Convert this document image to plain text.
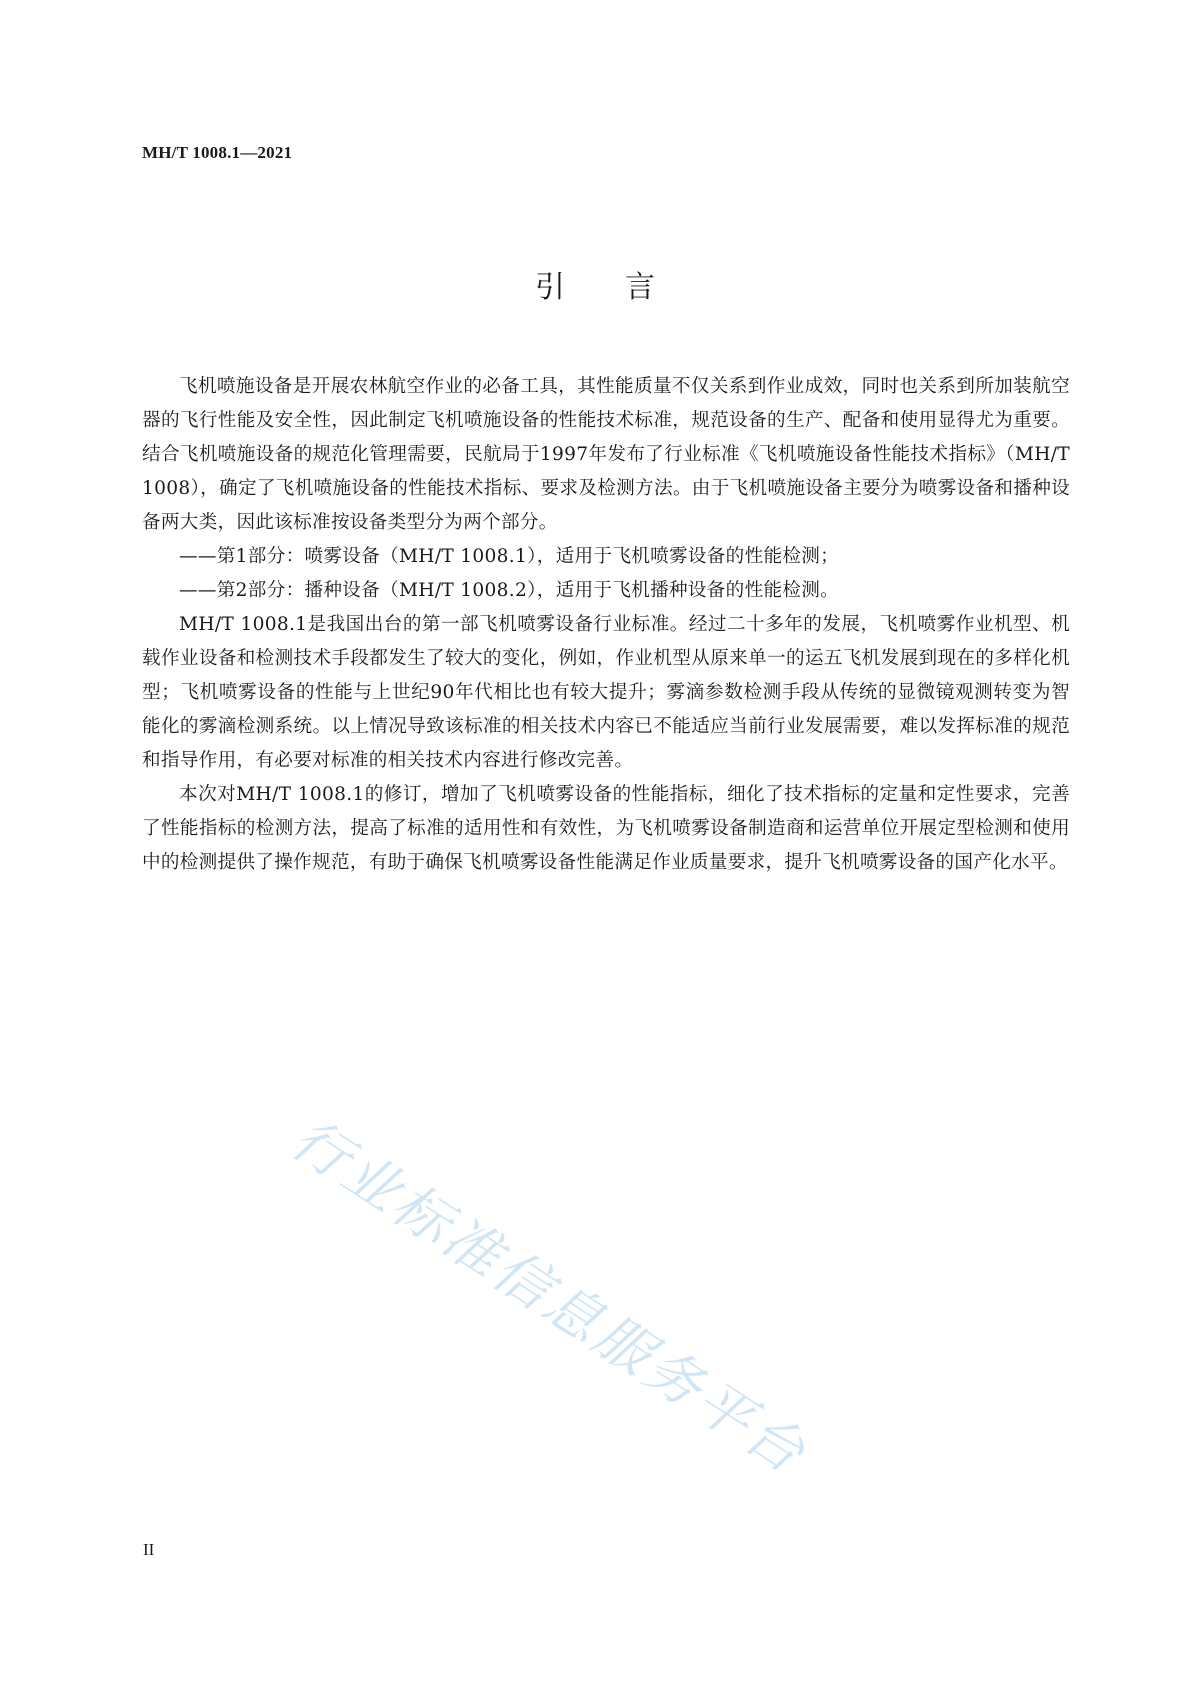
MH/T 1008.1—2021
引 言

飞机喷施设备是开展农林航空作业的必备工具，其性能质量不仅关系到作业成效，同时也关系到所加装航空器的飞行性能及安全性，因此制定飞机喷施设备的性能技术标准，规范设备的生产、配备和使用显得尤为重要。结合飞机喷施设备的规范化管理需要，民航局于1997年发布了行业标准《飞机喷施设备性能技术指标》（MH/T 1008），确定了飞机喷施设备的性能技术指标、要求及检测方法。由于飞机喷施设备主要分为喷雾设备和播种设备两大类，因此该标准按设备类型分为两个部分。

——第1部分：喷雾设备（MH/T 1008.1），适用于飞机喷雾设备的性能检测；

——第2部分：播种设备（MH/T 1008.2），适用于飞机播种设备的性能检测。

MH/T 1008.1是我国出台的第一部飞机喷雾设备行业标准。经过二十多年的发展，飞机喷雾作业机型、机载作业设备和检测技术手段都发生了较大的变化，例如，作业机型从原来单一的运五飞机发展到现在的多样化机型；飞机喷雾设备的性能与上世纪90年代相比也有较大提升；雾滴参数检测手段从传统的显微镜观测转变为智能化的雾滴检测系统。以上情况导致该标准的相关技术内容已不能适应当前行业发展需要，难以发挥标准的规范和指导作用，有必要对标准的相关技术内容进行修改完善。

本次对MH/T 1008.1的修订，增加了飞机喷雾设备的性能指标，细化了技术指标的定量和定性要求，完善了性能指标的检测方法，提高了标准的适用性和有效性，为飞机喷雾设备制造商和运营单位开展定型检测和使用中的检测提供了操作规范，有助于确保飞机喷雾设备性能满足作业质量要求，提升飞机喷雾设备的国产化水平。

行业标准信息服务平台
II
